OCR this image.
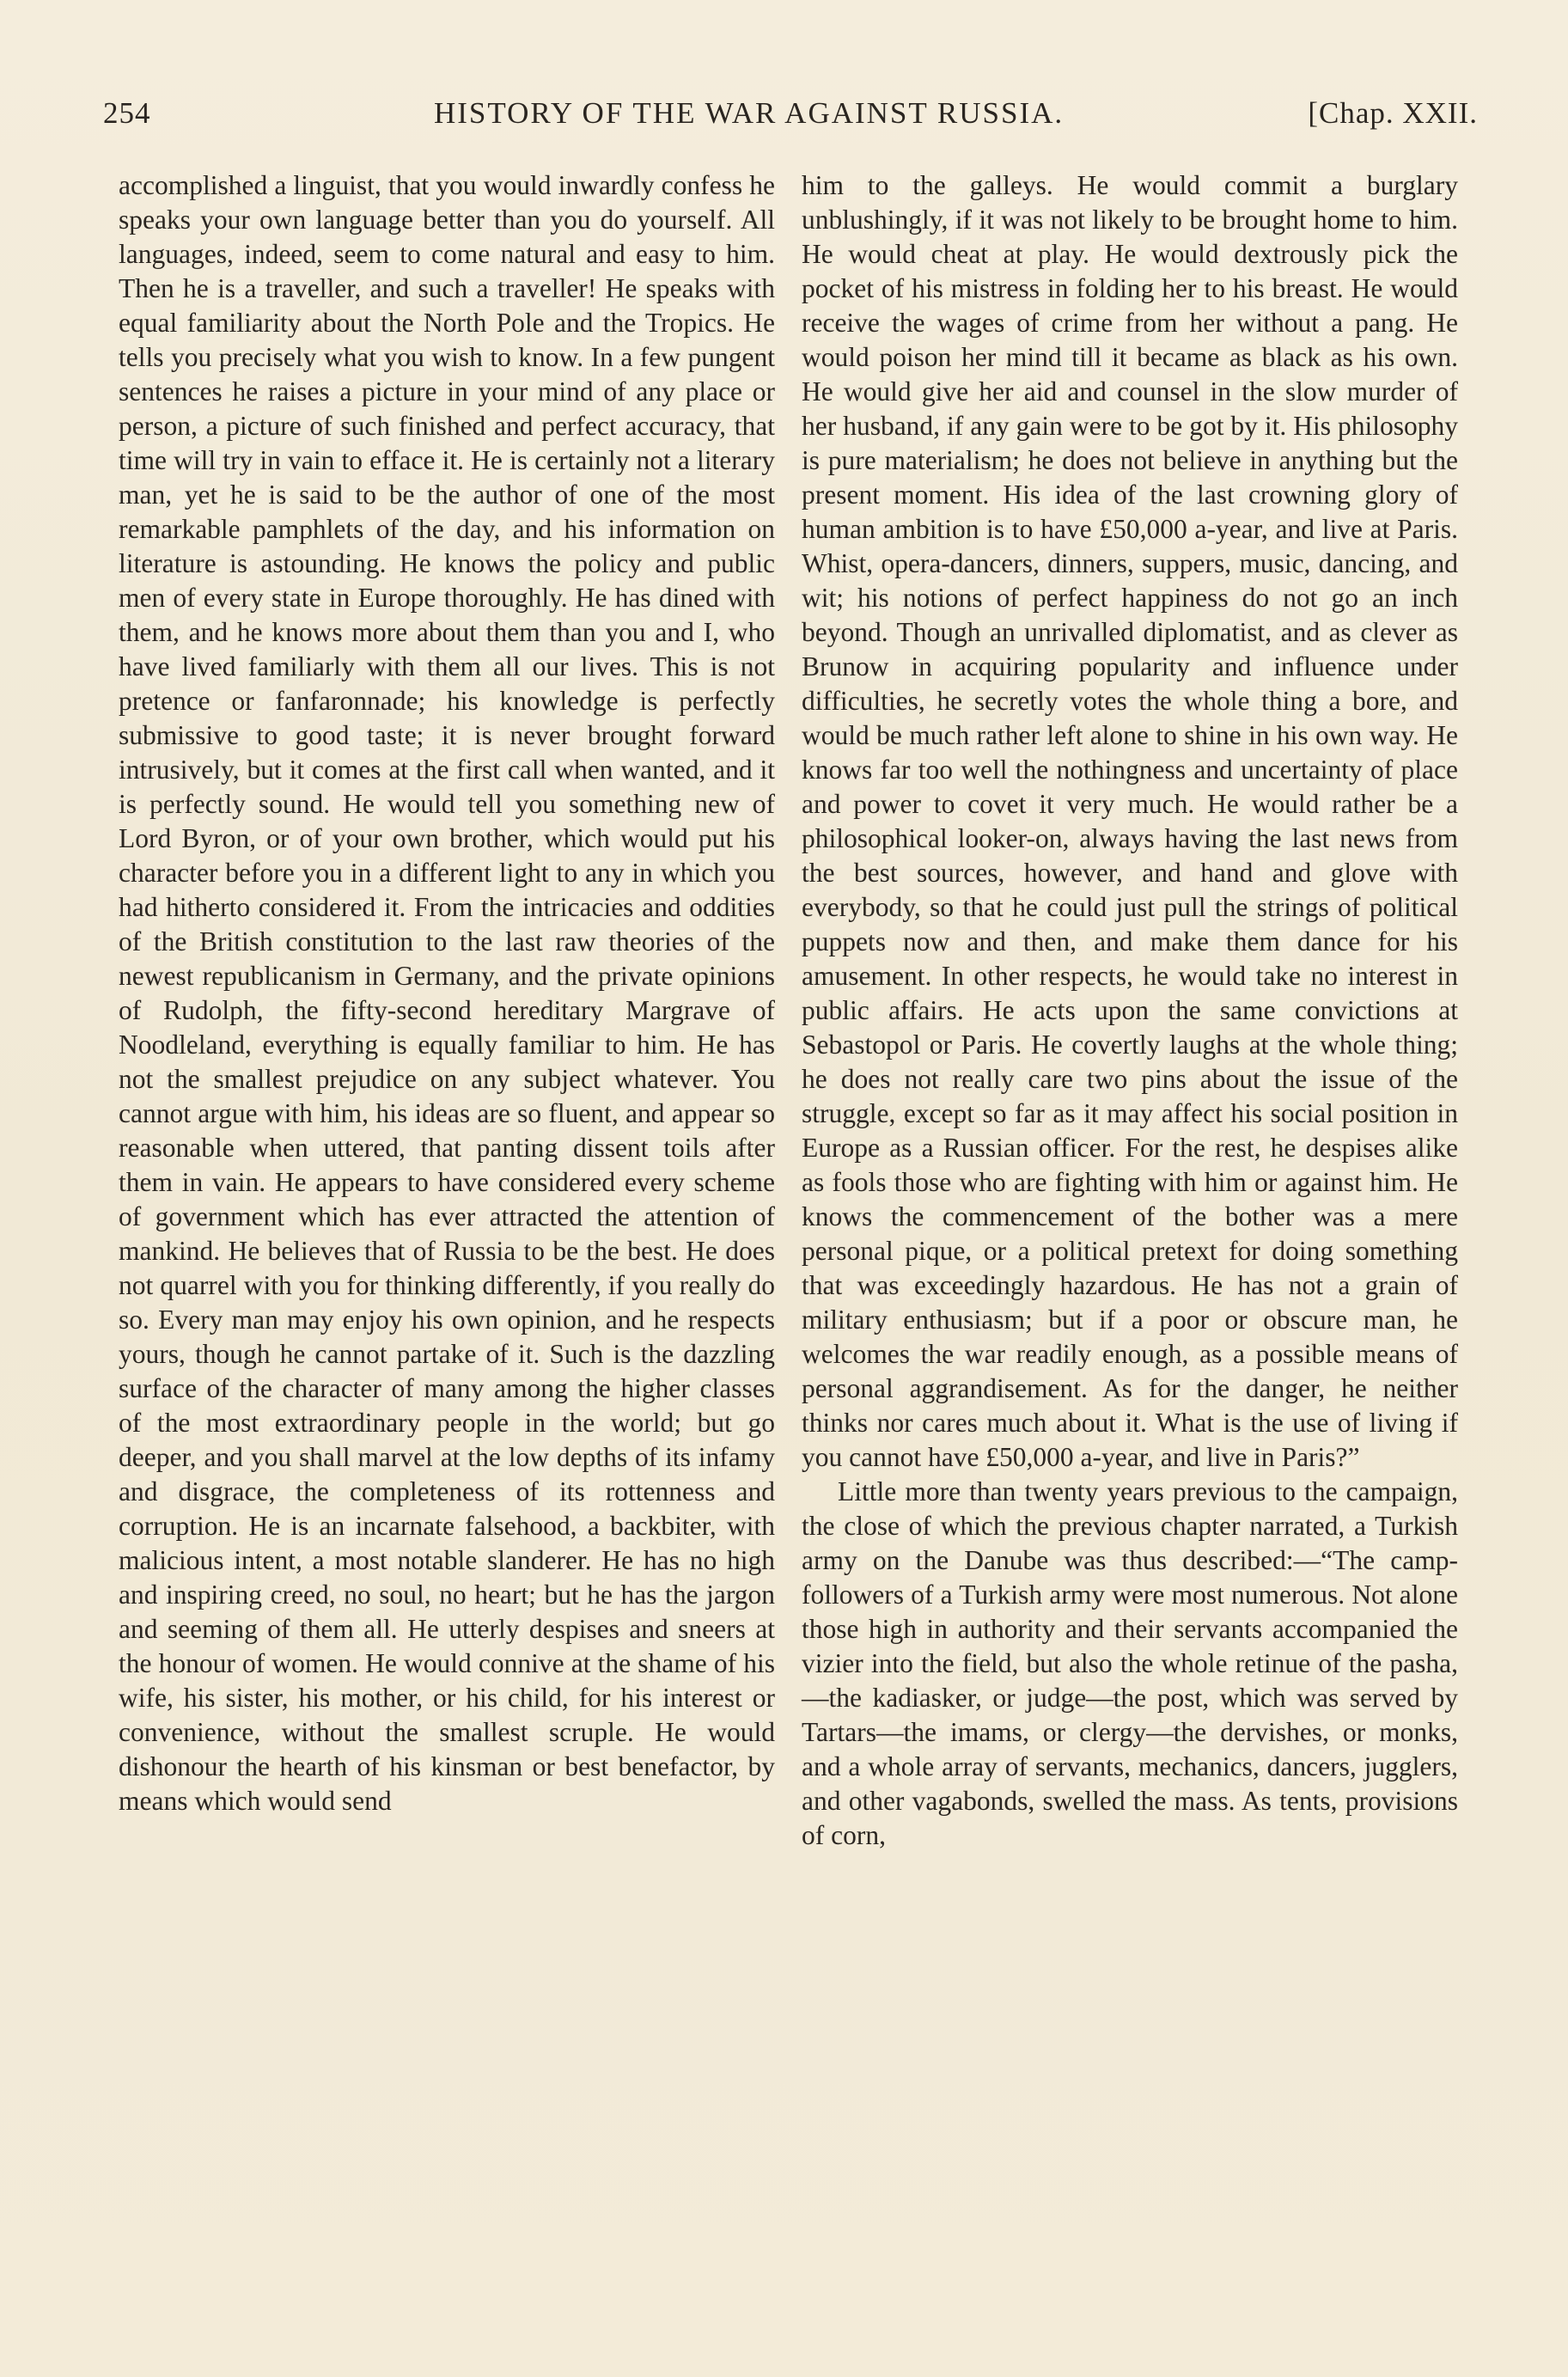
254	HISTORY OF THE WAR AGAINST RUSSIA.	[Chap. XXII.

accomplished a linguist, that you would inwardly confess he speaks your own language better than you do yourself. All languages, indeed, seem to come natural and easy to him. Then he is a traveller, and such a traveller! He speaks with equal familiarity about the North Pole and the Tropics. He tells you precisely what you wish to know. In a few pungent sentences he raises a picture in your mind of any place or person, a picture of such finished and perfect accuracy, that time will try in vain to efface it. He is certainly not a literary man, yet he is said to be the author of one of the most remarkable pamphlets of the day, and his information on literature is astounding. He knows the policy and public men of every state in Europe thoroughly. He has dined with them, and he knows more about them than you and I, who have lived familiarly with them all our lives. This is not pretence or fanfaronnade; his knowledge is perfectly submissive to good taste; it is never brought forward intrusively, but it comes at the first call when wanted, and it is perfectly sound. He would tell you something new of Lord Byron, or of your own brother, which would put his character before you in a different light to any in which you had hitherto considered it. From the intricacies and oddities of the British constitution to the last raw theories of the newest republicanism in Germany, and the private opinions of Rudolph, the fifty-second hereditary Margrave of Noodleland, everything is equally familiar to him. He has not the smallest prejudice on any subject whatever. You cannot argue with him, his ideas are so fluent, and appear so reasonable when uttered, that panting dissent toils after them in vain. He appears to have considered every scheme of government which has ever attracted the attention of mankind. He believes that of Russia to be the best. He does not quarrel with you for thinking differently, if you really do so. Every man may enjoy his own opinion, and he respects yours, though he cannot partake of it. Such is the dazzling surface of the character of many among the higher classes of the most extraordinary people in the world; but go deeper, and you shall marvel at the low depths of its infamy and disgrace, the completeness of its rottenness and corruption. He is an incarnate falsehood, a backbiter, with malicious intent, a most notable slanderer. He has no high and inspiring creed, no soul, no heart; but he has the jargon and seeming of them all. He utterly despises and sneers at the honour of women. He would connive at the shame of his wife, his sister, his mother, or his child, for his interest or convenience, without the smallest scruple. He would dishonour the hearth of his kinsman or best benefactor, by means which would send

him to the galleys. He would commit a burglary unblushingly, if it was not likely to be brought home to him. He would cheat at play. He would dextrously pick the pocket of his mistress in folding her to his breast. He would receive the wages of crime from her without a pang. He would poison her mind till it became as black as his own. He would give her aid and counsel in the slow murder of her husband, if any gain were to be got by it. His philosophy is pure materialism; he does not believe in anything but the present moment. His idea of the last crowning glory of human ambition is to have £50,000 a-year, and live at Paris. Whist, opera-dancers, dinners, suppers, music, dancing, and wit; his notions of perfect happiness do not go an inch beyond. Though an unrivalled diplomatist, and as clever as Brunow in acquiring popularity and influence under difficulties, he secretly votes the whole thing a bore, and would be much rather left alone to shine in his own way. He knows far too well the nothingness and uncertainty of place and power to covet it very much. He would rather be a philosophical looker-on, always having the last news from the best sources, however, and hand and glove with everybody, so that he could just pull the strings of political puppets now and then, and make them dance for his amusement. In other respects, he would take no interest in public affairs. He acts upon the same convictions at Sebastopol or Paris. He covertly laughs at the whole thing; he does not really care two pins about the issue of the struggle, except so far as it may affect his social position in Europe as a Russian officer. For the rest, he despises alike as fools those who are fighting with him or against him. He knows the commencement of the bother was a mere personal pique, or a political pretext for doing something that was exceedingly hazardous. He has not a grain of military enthusiasm; but if a poor or obscure man, he welcomes the war readily enough, as a possible means of personal aggrandisement. As for the danger, he neither thinks nor cares much about it. What is the use of living if you cannot have £50,000 a-year, and live in Paris?”

Little more than twenty years previous to the campaign, the close of which the previous chapter narrated, a Turkish army on the Danube was thus described:—“The camp-followers of a Turkish army were most numerous. Not alone those high in authority and their servants accompanied the vizier into the field, but also the whole retinue of the pasha,—the kadiasker, or judge—the post, which was served by Tartars—the imams, or clergy—the dervishes, or monks, and a whole array of servants, mechanics, dancers, jugglers, and other vagabonds, swelled the mass. As tents, provisions of corn,
